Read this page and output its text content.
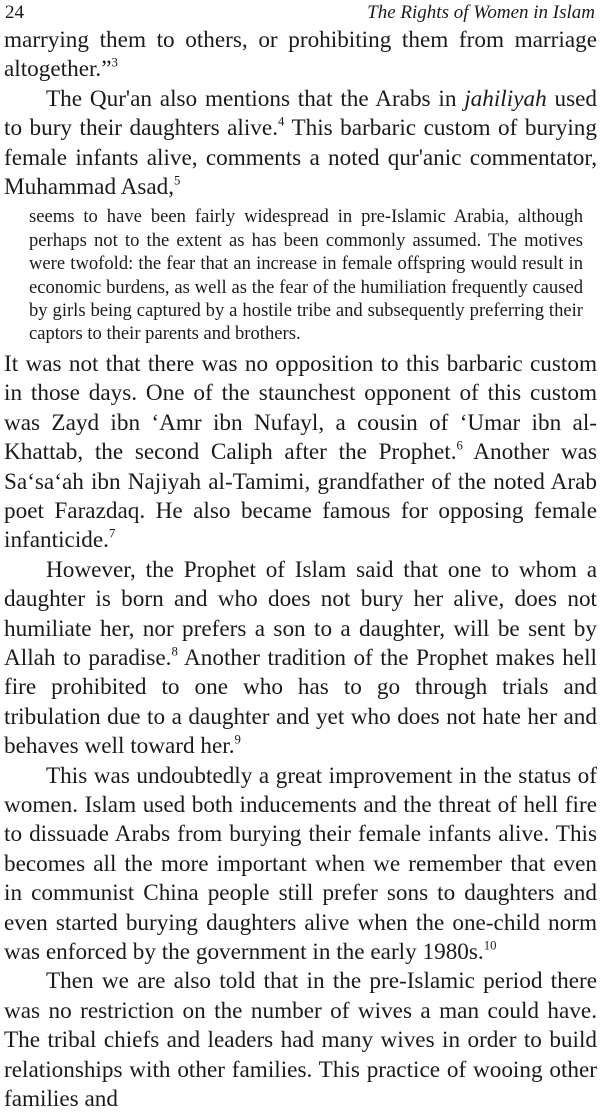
24	The Rights of Women in Islam

marrying them to others, or prohibiting them from marriage altogether.”$^3$

The Qur'an also mentions that the Arabs in jahiliyah used to bury their daughters alive.$^4$ This barbaric custom of burying female infants alive, comments a noted qur'anic commentator, Muhammad Asad,$^5$

seems to have been fairly widespread in pre-Islamic Arabia, although perhaps not to the extent as has been commonly assumed. The motives were twofold: the fear that an increase in female offspring would result in economic burdens, as well as the fear of the humiliation frequently caused by girls being captured by a hostile tribe and subsequently preferring their captors to their parents and brothers.

It was not that there was no opposition to this barbaric custom in those days. One of the staunchest opponent of this custom was Zayd ibn ‘Amr ibn Nufayl, a cousin of ‘Umar ibn al-Khattab, the second Caliph after the Prophet.$^6$ Another was Sa‘sa‘ah ibn Najiyah al-Tamimi, grandfather of the noted Arab poet Farazdaq. He also became famous for opposing female infanticide.$^7$

However, the Prophet of Islam said that one to whom a daughter is born and who does not bury her alive, does not humiliate her, nor prefers a son to a daughter, will be sent by Allah to paradise.$^8$ Another tradition of the Prophet makes hell fire prohibited to one who has to go through trials and tribulation due to a daughter and yet who does not hate her and behaves well toward her.$^9$

This was undoubtedly a great improvement in the status of women. Islam used both inducements and the threat of hell fire to dissuade Arabs from burying their female infants alive. This becomes all the more important when we remember that even in communist China people still prefer sons to daughters and even started burying daughters alive when the one-child norm was enforced by the government in the early 1980s.$^{10}$

Then we are also told that in the pre-Islamic period there was no restriction on the number of wives a man could have. The tribal chiefs and leaders had many wives in order to build relationships with other families. This practice of wooing other families and
